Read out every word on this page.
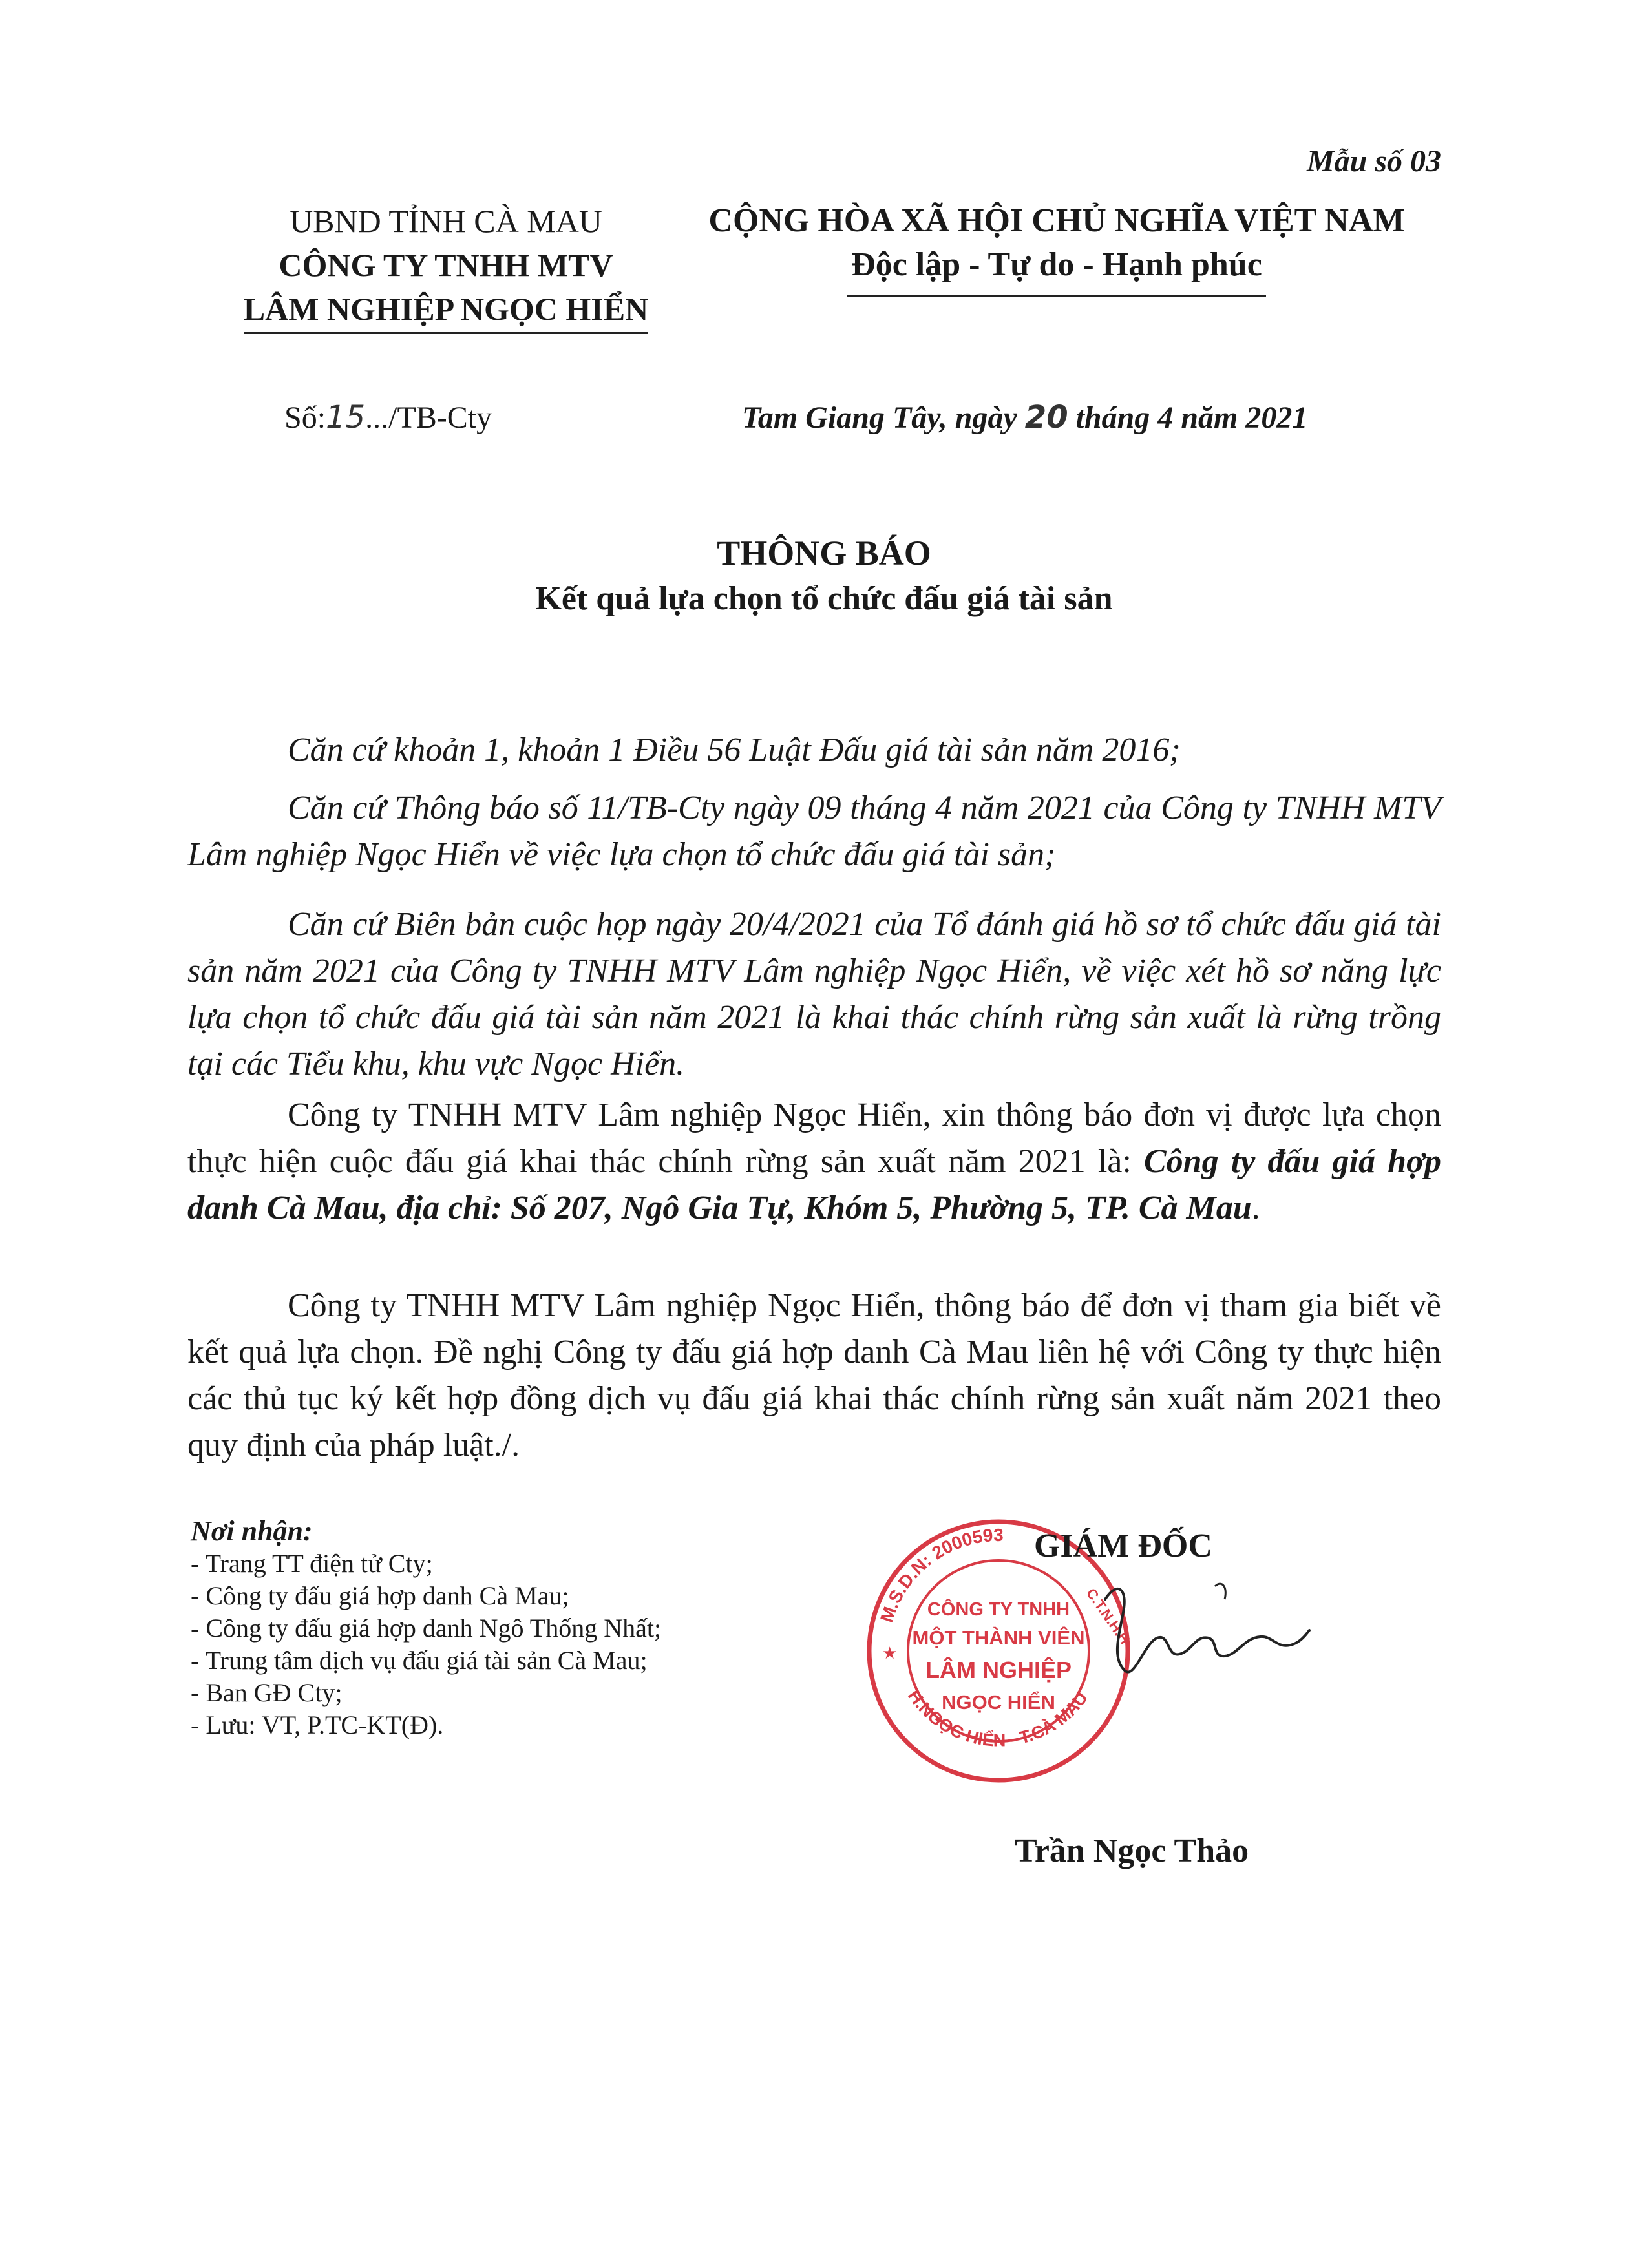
Mẫu số 03
UBND TỈNH CÀ MAU
CÔNG TY TNHH MTV
LÂM NGHIỆP NGỌC HIỂN
CỘNG HÒA XÃ HỘI CHỦ NGHĨA VIỆT NAM
Độc lập - Tự do - Hạnh phúc
Số:15.../TB-Cty	Tam Giang Tây, ngày 20 tháng 4 năm 2021
THÔNG BÁO
Kết quả lựa chọn tổ chức đấu giá tài sản
Căn cứ khoản 1, khoản 1 Điều 56 Luật Đấu giá tài sản năm 2016;
Căn cứ Thông báo số 11/TB-Cty ngày 09 tháng 4 năm 2021 của Công ty TNHH MTV Lâm nghiệp Ngọc Hiển về việc lựa chọn tổ chức đấu giá tài sản;
Căn cứ Biên bản cuộc họp ngày 20/4/2021 của Tổ đánh giá hồ sơ tổ chức đấu giá tài sản năm 2021 của Công ty TNHH MTV Lâm nghiệp Ngọc Hiển, về việc xét hồ sơ năng lực lựa chọn tổ chức đấu giá tài sản năm 2021 là khai thác chính rừng sản xuất là rừng trồng tại các Tiểu khu, khu vực Ngọc Hiển.
Công ty TNHH MTV Lâm nghiệp Ngọc Hiển, xin thông báo đơn vị được lựa chọn thực hiện cuộc đấu giá khai thác chính rừng sản xuất năm 2021 là: Công ty đấu giá hợp danh Cà Mau, địa chỉ: Số 207, Ngô Gia Tự, Khóm 5, Phường 5, TP. Cà Mau.
Công ty TNHH MTV Lâm nghiệp Ngọc Hiển, thông báo để đơn vị tham gia biết về kết quả lựa chọn. Đề nghị Công ty đấu giá hợp danh Cà Mau liên hệ với Công ty thực hiện các thủ tục ký kết hợp đồng dịch vụ đấu giá khai thác chính rừng sản xuất năm 2021 theo quy định của pháp luật./.
Nơi nhận:
- Trang TT điện tử Cty;
- Công ty đấu giá hợp danh Cà Mau;
- Công ty đấu giá hợp danh Ngô Thống Nhất;
- Trung tâm dịch vụ đấu giá tài sản Cà Mau;
- Ban GĐ Cty;
- Lưu: VT, P.TC-KT(Đ).
M.S.D.N: 2000593
C.T.N.H.H
H.NGỌC HIỂN - T.CÀ MAU
★
CÔNG TY TNHH
MỘT THÀNH VIÊN
LÂM NGHIỆP
NGỌC HIỂN
GIÁM ĐỐC
Trần Ngọc Thảo
